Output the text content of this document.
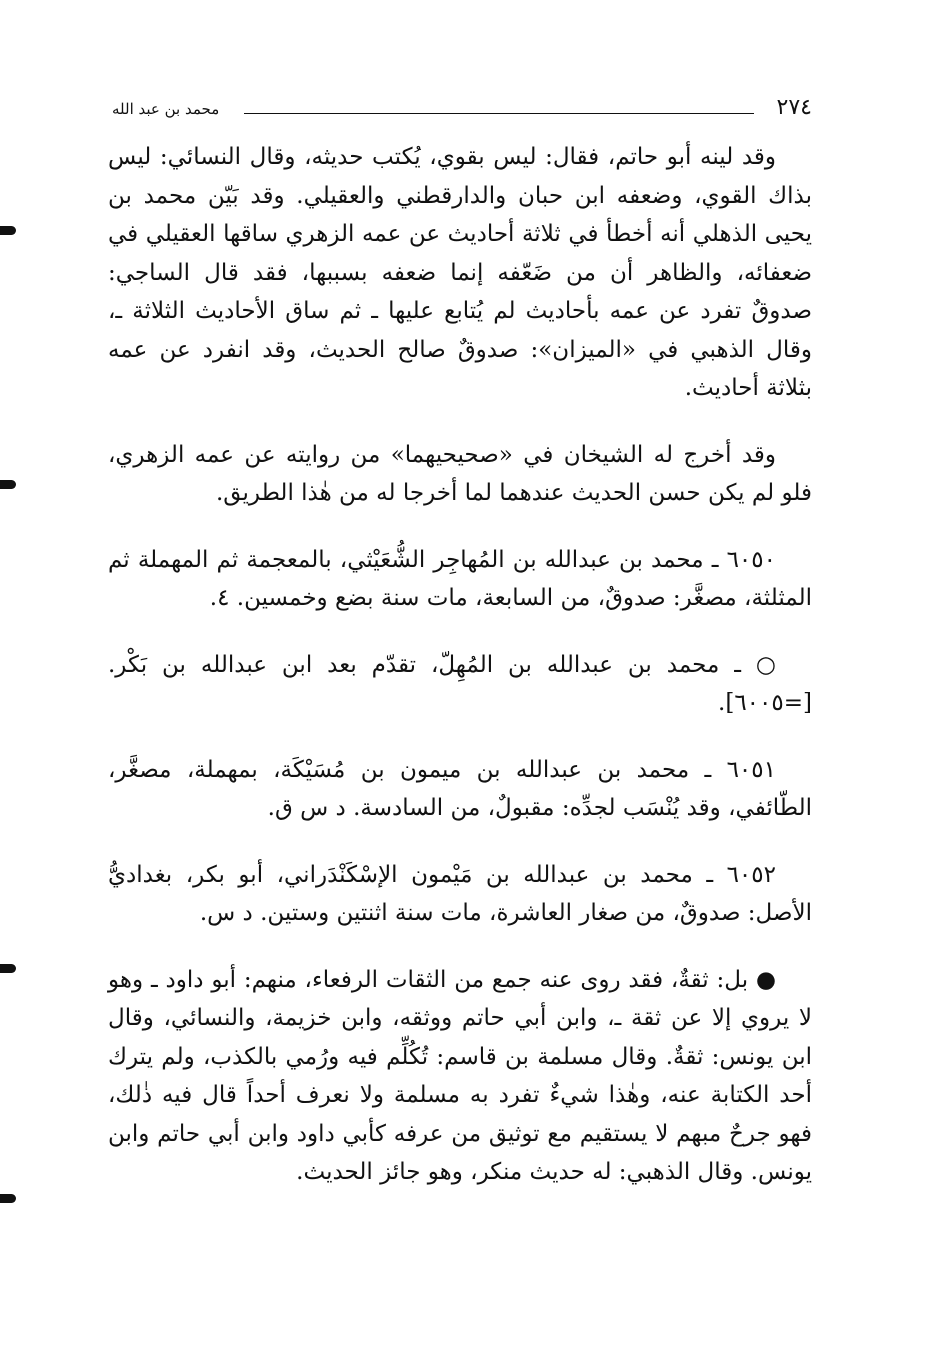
٢٧٤
محمد بن عبد الله

وقد لينه أبو حاتم، فقال: ليس بقوي، يُكتب حديثه، وقال النسائي: ليس بذاك القوي، وضعفه ابن حبان والدارقطني والعقيلي. وقد بَيّن محمد بن يحيى الذهلي أنه أخطأ في ثلاثة أحاديث عن عمه الزهري ساقها العقيلي في ضعفائه، والظاهر أن من ضَعّفه إنما ضعفه بسببها، فقد قال الساجي: صدوقٌ تفرد عن عمه بأحاديث لم يُتابع عليها ـ ثم ساق الأحاديث الثلاثة ـ، وقال الذهبي في «الميزان»: صدوقٌ صالح الحديث، وقد انفرد عن عمه بثلاثة أحاديث.

وقد أخرج له الشيخان في «صحيحيهما» من روايته عن عمه الزهري، فلو لم يكن حسن الحديث عندهما لما أخرجا له من هٰذا الطريق.

٦٠٥٠ ـ محمد بن عبدالله بن المُهاجِر الشُّعَيْثي، بالمعجمة ثم المهملة ثم المثلثة، مصغَّر: صدوقٌ، من السابعة، مات سنة بضع وخمسين. ٤.

○ ـ محمد بن عبدالله بن المُهِلّ، تقدّم بعد ابن عبدالله بن بَكْر. [=٦٠٠٥].

٦٠٥١ ـ محمد بن عبدالله بن ميمون بن مُسَيْكَة، بمهملة، مصغَّر، الطّائفي، وقد يُنْسَب لجدِّه: مقبولٌ، من السادسة. د س ق.

٦٠٥٢ ـ محمد بن عبدالله بن مَيْمون الإسْكَنْدَراني، أبو بكر، بغداديُّ الأصل: صدوقٌ، من صغار العاشرة، مات سنة اثنتين وستين. د س.

● بل: ثقةٌ، فقد روى عنه جمع من الثقات الرفعاء، منهم: أبو داود ـ وهو لا يروي إلا عن ثقة ـ، وابن أبي حاتم ووثقه، وابن خزيمة، والنسائي، وقال ابن يونس: ثقةٌ. وقال مسلمة بن قاسم: تُكُلِّم فيه ورُمي بالكذب، ولم يترك أحد الكتابة عنه، وهٰذا شيءٌ تفرد به مسلمة ولا نعرف أحداً قال فيه ذٰلك، فهو جرحٌ مبهم لا يستقيم مع توثيق من عرفه كأبي داود وابن أبي حاتم وابن يونس. وقال الذهبي: له حديث منكر، وهو جائز الحديث.
